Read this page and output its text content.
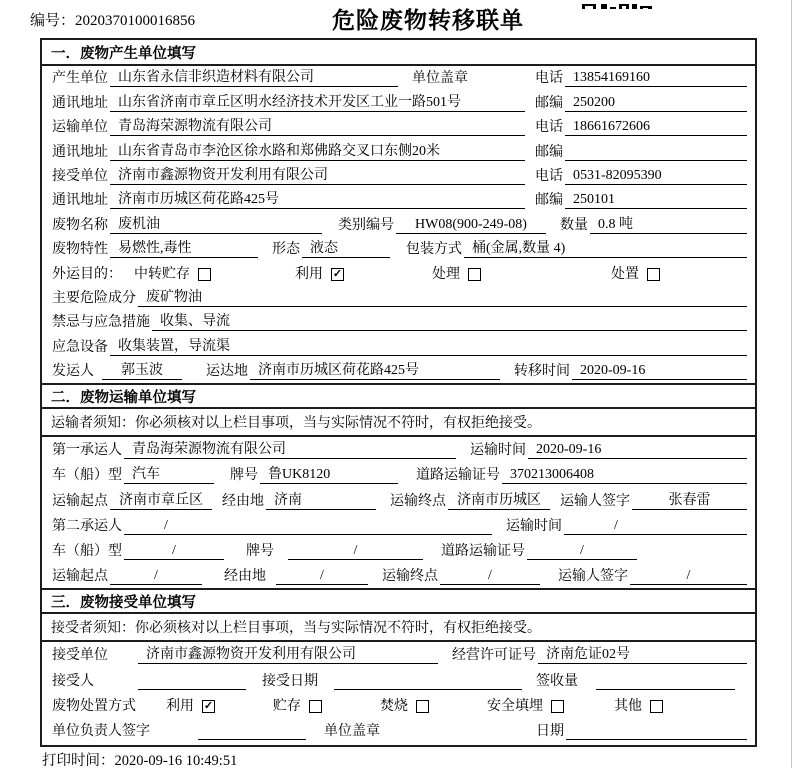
编号：2020370100016856	危险废物转移联单
一．废物产生单位填写
产生单位 山东省永信非织造材料有限公司	单位盖章	电话 13854169160
通讯地址 山东省济南市章丘区明水经济技术开发区工业一路501号	邮编 250200
运输单位 青岛海荣源物流有限公司	电话 18661672606
通讯地址 山东省青岛市李沧区徐水路和郑佛路交叉口东侧20米	邮编
接受单位 济南市鑫源物资开发利用有限公司	电话 0531-82095390
通讯地址 济南市历城区荷花路425号	邮编 250101
废物名称 废机油	类别编号	HW08(900-249-08)	数量 0.8 吨
废物特性 易燃性,毒性	形态 液态	包装方式 桶(金属,数量 4)
外运目的： 中转贮存	利用 ✓	处理	处置
主要危险成分 废矿物油
禁忌与应急措施 收集、导流
应急设备 收集装置，导流渠
发运人	郭玉波	运达地 济南市历城区荷花路425号	转移时间 2020-09-16
二．废物运输单位填写
运输者须知：你必须核对以上栏目事项，当与实际情况不符时，有权拒绝接受。
第一承运人 青岛海荣源物流有限公司	运输时间 2020-09-16
车（船）型 汽车	牌号 鲁UK8120	道路运输证号 370213006408
运输起点 济南市章丘区	经由地 济南	运输终点 济南市历城区	运输人签字	张春雷
第二承运人	/	运输时间	/
车（船）型	/	牌号	/	道路运输证号	/
运输起点	/	经由地	/	运输终点	/	运输人签字	/
三．废物接受单位填写
接受者须知：你必须核对以上栏目事项，当与实际情况不符时，有权拒绝接受。
接受单位	济南市鑫源物资开发利用有限公司	经营许可证号 济南危证02号
接受人	接受日期	签收量
废物处置方式 利用 ✓	贮存	焚烧	安全填埋	其他
单位负责人签字	单位盖章	日期
打印时间：2020-09-16 10:49:51
